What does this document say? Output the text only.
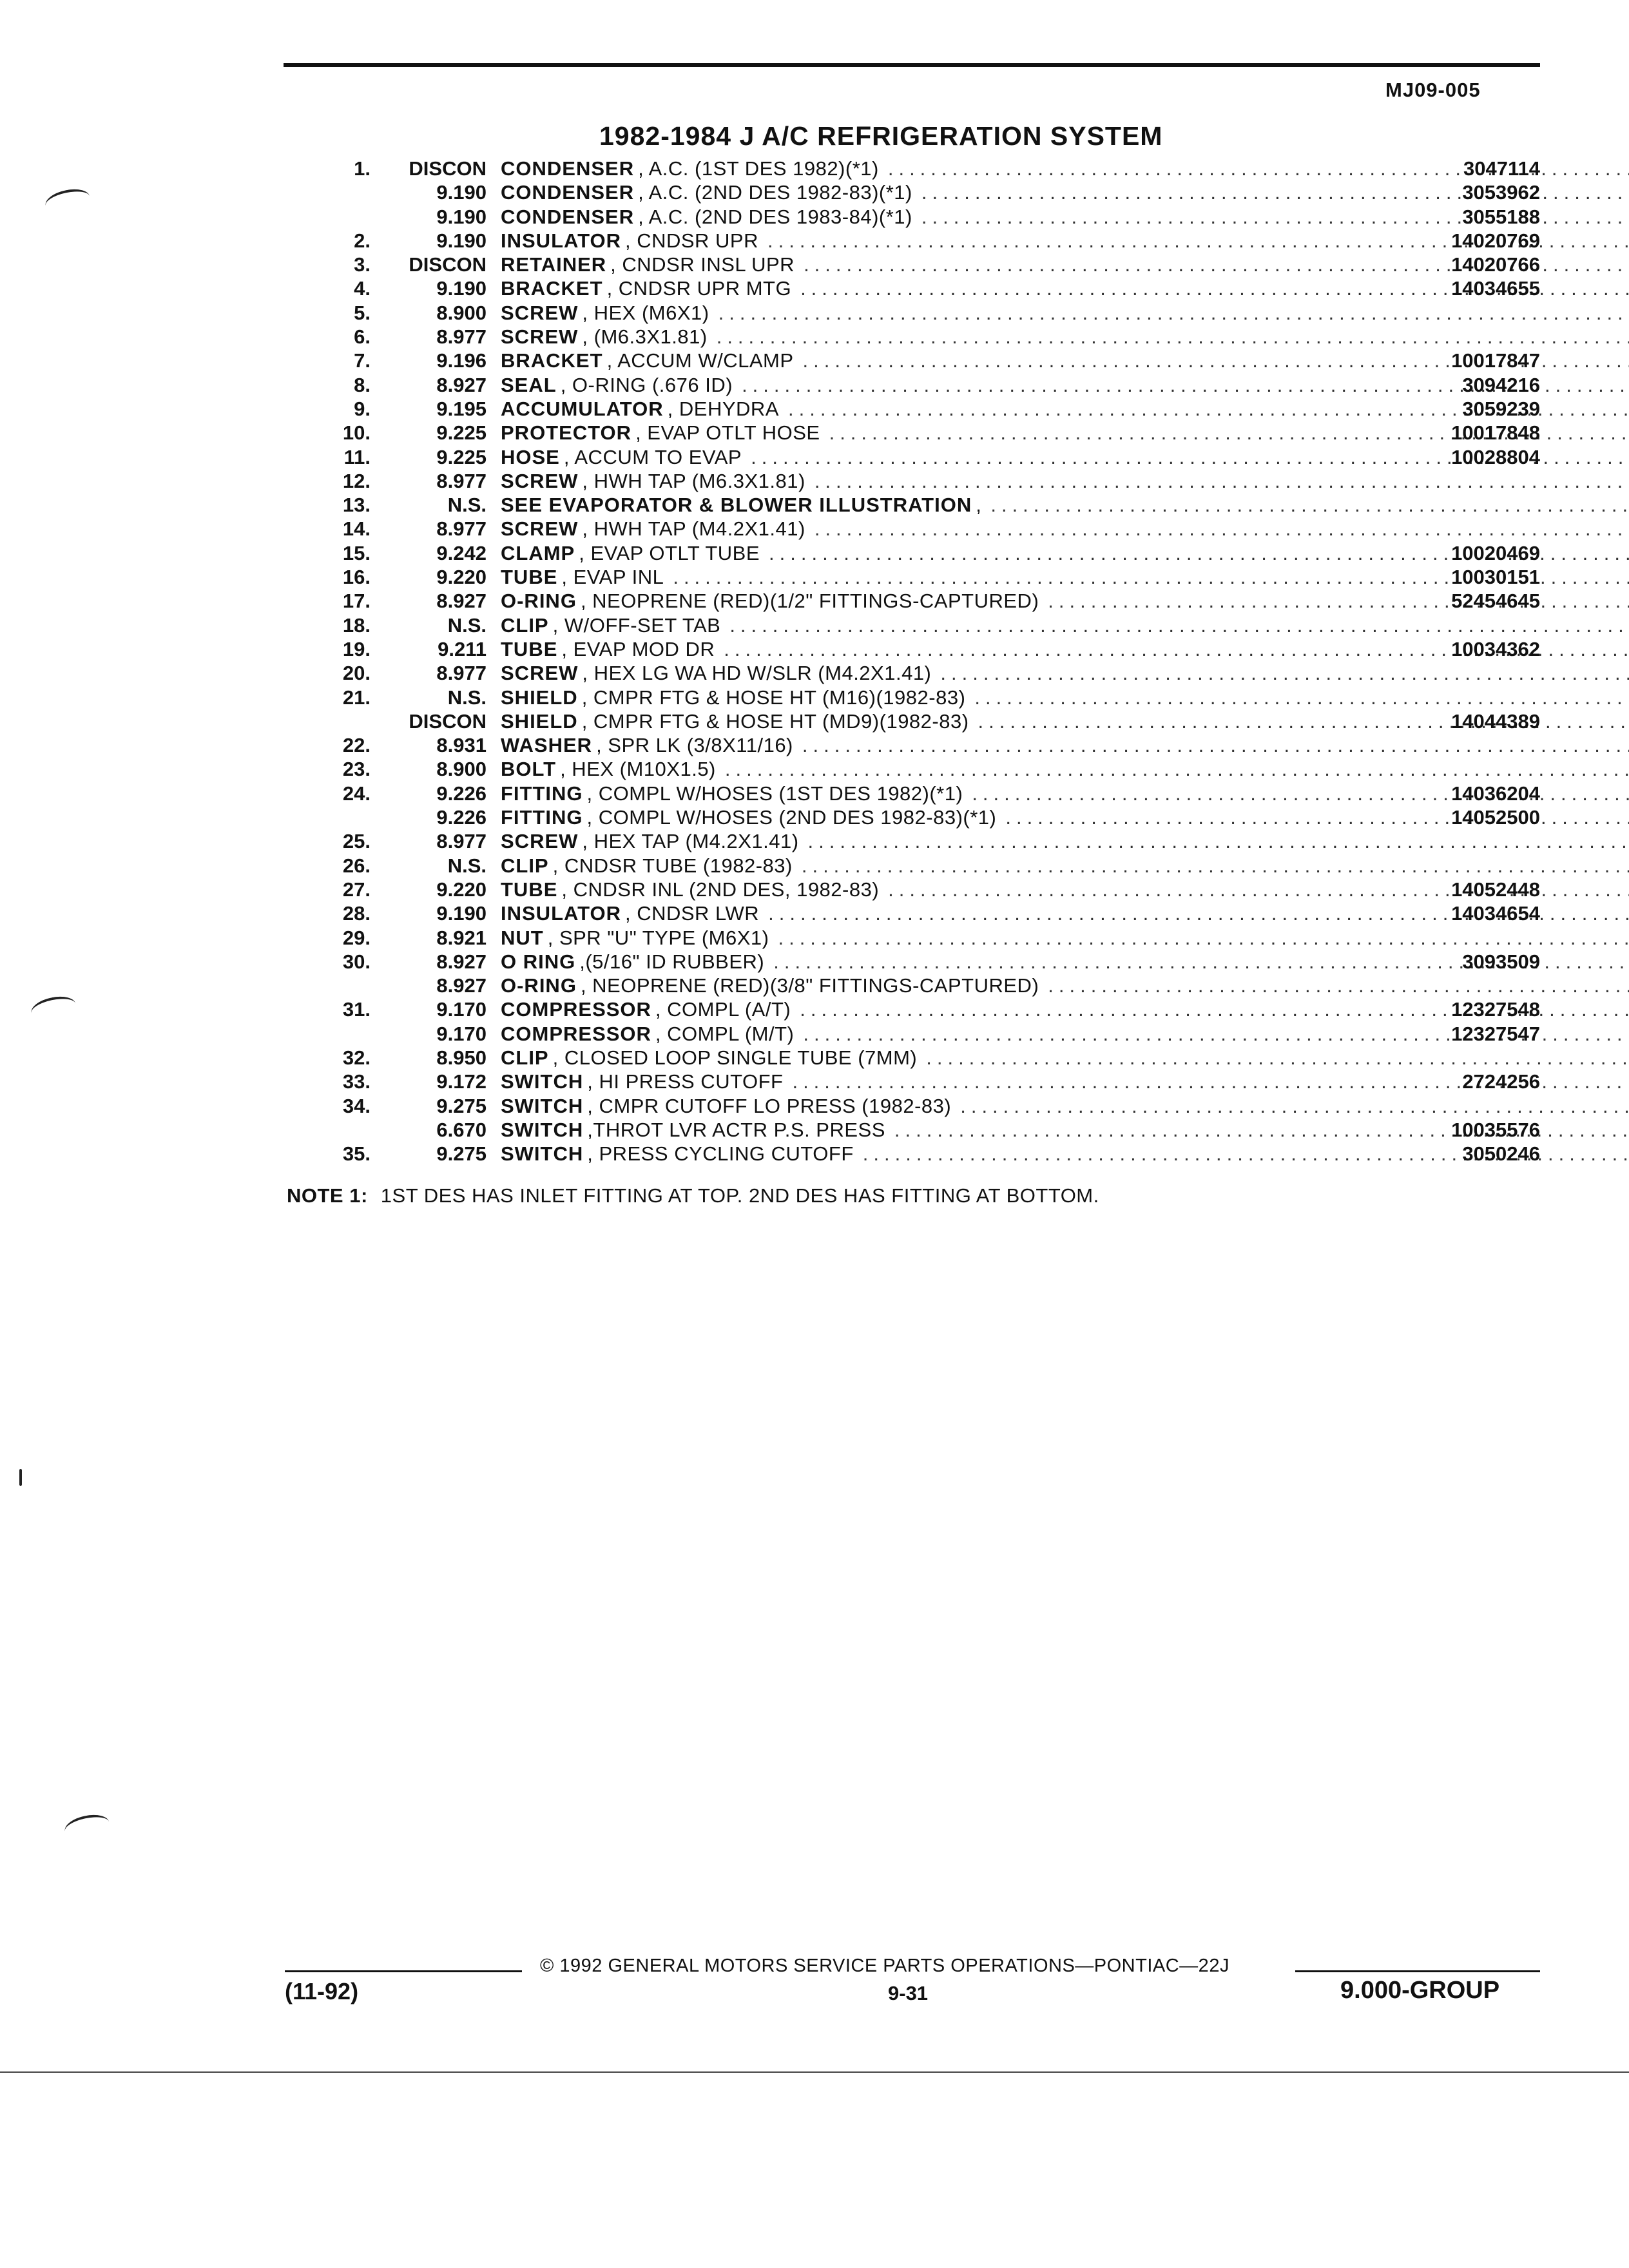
MJ09-005
1982-1984 J A/C REFRIGERATION SYSTEM
1.	DISCON CONDENSER , A.C. (1ST DES 1982)(*1) .....	3047114
9.190 CONDENSER , A.C. (2ND DES 1982-83)(*1) .....	3053962
9.190 CONDENSER , A.C. (2ND DES 1983-84)(*1) .....	3055188
2.	9.190 INSULATOR , CNDSR UPR .....	14020769
3.	DISCON RETAINER , CNDSR INSL UPR .....	14020766
4.	9.190 BRACKET , CNDSR UPR MTG .....	14034655
5.	8.900 SCREW , HEX (M6X1)
.....
6.	8.977 SCREW , (M6.3X1.81)
.....
7.	9.196 BRACKET , ACCUM W/CLAMP .....	10017847
8.	8.927 SEAL , O-RING (.676 ID) .....	3094216
9.	9.195 ACCUMULATOR , DEHYDRA .....	3059239
10.	9.225 PROTECTOR , EVAP OTLT HOSE .....	10017848
11.	9.225 HOSE , ACCUM TO EVAP .....	10028804
12.	8.977 SCREW , HWH TAP (M6.3X1.81)
.....
13.	N.S. SEE EVAPORATOR & BLOWER ILLUSTRATION ,
.....
14.	8.977 SCREW , HWH TAP (M4.2X1.41)
.....
15.	9.242 CLAMP , EVAP OTLT TUBE .....	10020469
16.	9.220 TUBE , EVAP INL .....	10030151
17.	8.927 O-RING , NEOPRENE (RED)(1/2" FITTINGS-CAPTURED) .....	52454645
18.	N.S. CLIP , W/OFF-SET TAB
.....
19.	9.211 TUBE , EVAP MOD DR .....	10034362
20.	8.977 SCREW , HEX LG WA HD W/SLR (M4.2X1.41)
.....
21.	N.S. SHIELD , CMPR FTG & HOSE HT (M16)(1982-83)
.....
DISCON SHIELD , CMPR FTG & HOSE HT (MD9)(1982-83) .....	14044389
22.	8.931 WASHER , SPR LK (3/8X11/16)
.....
23.	8.900 BOLT , HEX (M10X1.5)
.....
24.	9.226 FITTING , COMPL W/HOSES (1ST DES 1982)(*1) .....	14036204
9.226 FITTING , COMPL W/HOSES (2ND DES 1982-83)(*1) .....	14052500
25.	8.977 SCREW , HEX TAP (M4.2X1.41)
.....
26.	N.S. CLIP , CNDSR TUBE (1982-83)
.....
27.	9.220 TUBE , CNDSR INL (2ND DES, 1982-83) .....	14052448
28.	9.190 INSULATOR , CNDSR LWR .....	14034654
29.	8.921 NUT , SPR "U" TYPE (M6X1)
.....
30.	8.927 O RING ,(5/16" ID RUBBER) .....	3093509
8.927 O-RING , NEOPRENE (RED)(3/8" FITTINGS-CAPTURED)
.....
31.	9.170 COMPRESSOR , COMPL (A/T) .....	12327548
9.170 COMPRESSOR , COMPL (M/T) .....	12327547
32.	8.950 CLIP , CLOSED LOOP SINGLE TUBE (7MM)
.....
33.	9.172 SWITCH , HI PRESS CUTOFF .....	2724256
34.	9.275 SWITCH , CMPR CUTOFF LO PRESS (1982-83)
.....
6.670 SWITCH ,THROT LVR ACTR P.S. PRESS .....	10035576
35.	9.275 SWITCH , PRESS CYCLING CUTOFF .....	3050246
NOTE 1: 1ST DES HAS INLET FITTING AT TOP. 2ND DES HAS FITTING AT BOTTOM.
© 1992 GENERAL MOTORS SERVICE PARTS OPERATIONS—PONTIAC—22J
(11-92)	9-31	9.000-GROUP
